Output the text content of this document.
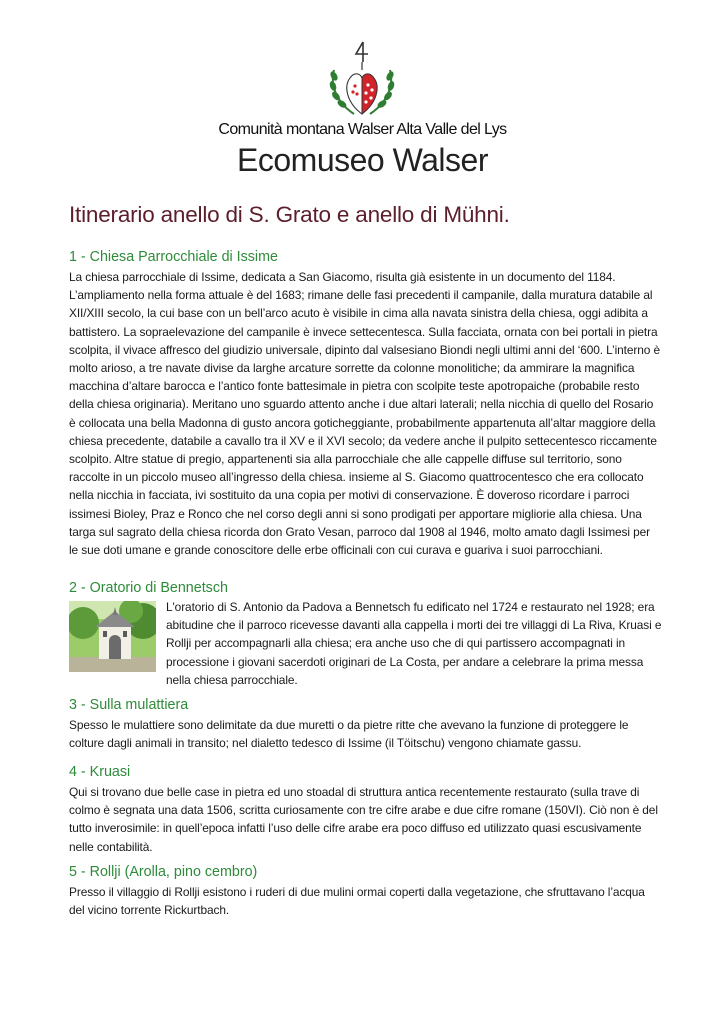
Comunità montana Walser Alta Valle del Lys
Ecomuseo Walser
Itinerario anello di S. Grato e anello di Mühni.
1 - Chiesa Parrocchiale di Issime

La chiesa parrocchiale di Issime, dedicata a San Giacomo, risulta già esistente in un documento del 1184. L’ampliamento nella forma attuale è del 1683; rimane delle fasi precedenti il campanile, dalla muratura databile al XII/XIII secolo, la cui base con un bell’arco acuto è visibile in cima alla navata sinistra della chiesa, oggi adibita a battistero. La sopraelevazione del campanile è invece settecentesca. Sulla facciata, ornata con bei portali in pietra scolpita, il vivace affresco del giudizio universale, dipinto dal valsesiano Biondi negli ultimi anni del ‘600. L’interno è molto arioso, a tre navate divise da larghe arcature sorrette da colonne monolitiche; da ammirare la magnifica macchina d’altare barocca e l’antico fonte battesimale in pietra con scolpite teste apotropaiche (probabile resto della chiesa originaria). Meritano uno sguardo attento anche i due altari laterali; nella nicchia di quello del Rosario è collocata una bella Madonna di gusto ancora goticheggiante, probabilmente appartenuta all’altar maggiore della chiesa precedente, databile a cavallo tra il XV e il XVI secolo; da vedere anche il pulpito settecentesco riccamente scolpito. Altre statue di pregio, appartenenti sia alla parrocchiale che alle cappelle diffuse sul territorio, sono raccolte in un piccolo museo all’ingresso della chiesa. insieme al S. Giacomo quattrocentesco che era collocato nella nicchia in facciata, ivi sostituito da una copia per motivi di conservazione. È doveroso ricordare i parroci issimesi Bioley, Praz e Ronco che nel corso degli anni si sono prodigati per apportare migliorie alla chiesa. Una targa sul sagrato della chiesa ricorda don Grato Vesan, parroco dal 1908 al 1946, molto amato dagli Issimesi per le sue doti umane e grande conoscitore delle erbe officinali con cui curava e guariva i suoi parrocchiani.

2 - Oratorio di Bennetsch

L'oratorio di S. Antonio da Padova a Bennetsch fu edificato nel 1724 e restaurato nel 1928; era abitudine che il parroco ricevesse davanti alla cappella i morti dei tre villaggi di La Riva, Kruasi e Rollji per accompagnarli alla chiesa; era anche uso che di qui partissero accompagnati in processione i giovani sacerdoti originari de La Costa, per andare a celebrare la prima messa nella chiesa parrocchiale.

3 - Sulla mulattiera

Spesso le mulattiere sono delimitate da due muretti o da pietre ritte che avevano la funzione di proteggere le colture dagli animali in transito; nel dialetto tedesco di Issime (il Töitschu) vengono chiamate gassu.

4 - Kruasi

Qui si trovano due belle case in pietra ed uno stoadal di struttura antica recentemente restaurato (sulla trave di colmo è segnata una data 1506, scritta curiosamente con tre cifre arabe e due cifre romane (150VI). Ciò non è del tutto inverosimile: in quell’epoca infatti l’uso delle cifre arabe era poco diffuso ed utilizzato quasi escusivamente nelle contabilità.

5 - Rollji (Arolla, pino cembro)

Presso il villaggio di Rollji esistono i ruderi di due mulini ormai coperti dalla vegetazione, che sfruttavano l’acqua del vicino torrente Rickurtbach.
